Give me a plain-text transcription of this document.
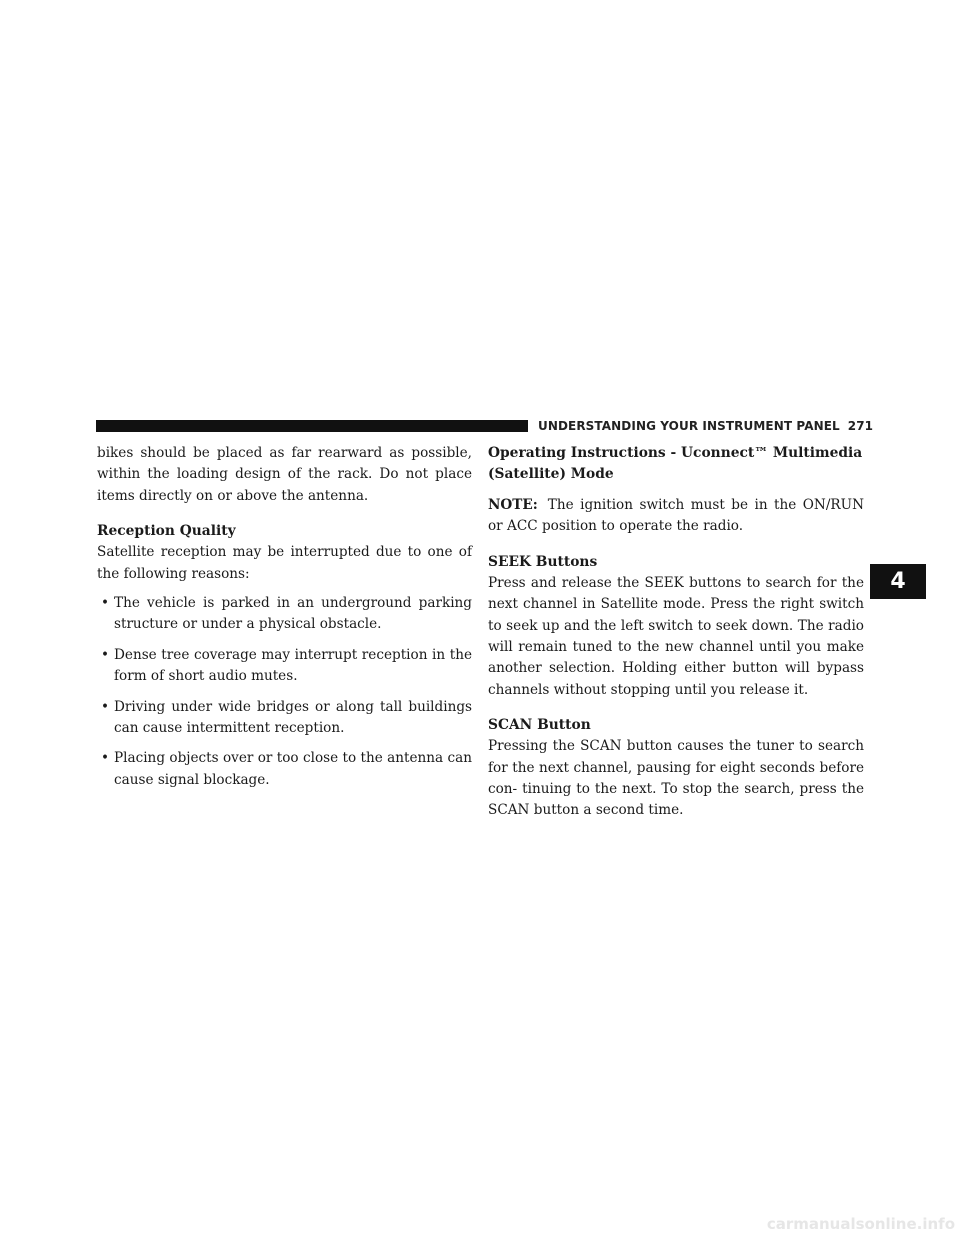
UNDERSTANDING YOUR INSTRUMENT PANEL 271
4

bikes should be placed as far rearward as possible, within the loading design of the rack. Do not place items directly on or above the antenna.

Reception Quality

Satellite reception may be interrupted due to one of the following reasons:

• The vehicle is parked in an underground parking structure or under a physical obstacle.
• Dense tree coverage may interrupt reception in the form of short audio mutes.
• Driving under wide bridges or along tall buildings can cause intermittent reception.
• Placing objects over or too close to the antenna can cause signal blockage.

Operating Instructions - Uconnect™ Multimedia (Satellite) Mode

NOTE: The ignition switch must be in the ON/RUN or ACC position to operate the radio.

SEEK Buttons

Press and release the SEEK buttons to search for the next channel in Satellite mode. Press the right switch to seek up and the left switch to seek down. The radio will remain tuned to the new channel until you make another selection. Holding either button will bypass channels without stopping until you release it.

SCAN Button

Pressing the SCAN button causes the tuner to search for the next channel, pausing for eight seconds before con- tinuing to the next. To stop the search, press the SCAN button a second time.

carmanualsonline.info
